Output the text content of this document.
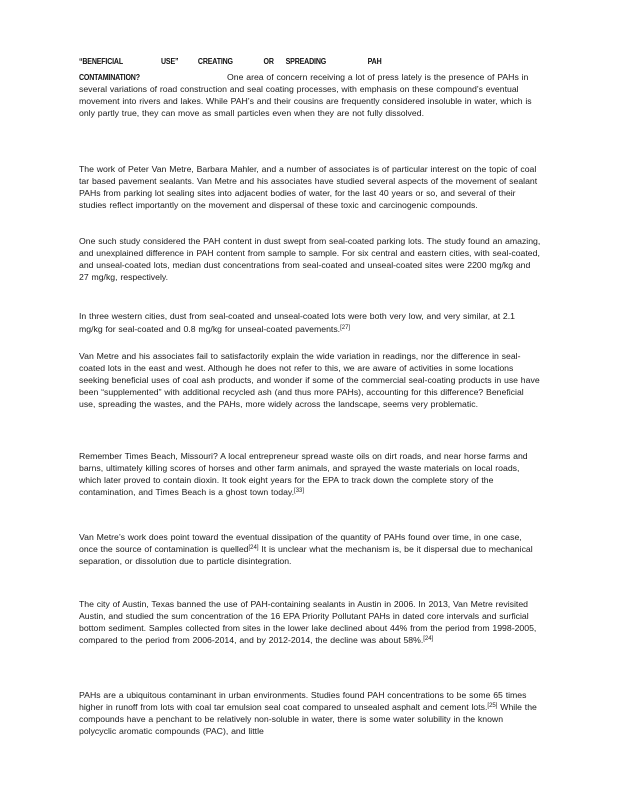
“BENEFICIAL	USE” CREATING	OR SPREADING	PAH
CONTAMINATION?	One area of concern receiving a lot of press lately is the presence of PAHs in several variations of road construction and seal coating processes, with emphasis on these compound’s eventual movement into rivers and lakes. While PAH’s and their cousins are frequently considered insoluble in water, which is only partly true, they can move as small particles even when they are not fully dissolved.

The work of Peter Van Metre, Barbara Mahler, and a number of associates is of particular interest on the topic of coal tar based pavement sealants. Van Metre and his associates have studied several aspects of the movement of sealant PAHs from parking lot sealing sites into adjacent bodies of water, for the last 40 years or so, and several of their studies reflect importantly on the movement and dispersal of these toxic and carcinogenic compounds.

One such study considered the PAH content in dust swept from seal-coated parking lots. The study found an amazing, and unexplained difference in PAH content from sample to sample. For six central and eastern cities, with seal-coated, and unseal-coated lots, median dust concentrations from seal-coated and unseal-coated sites were 2200 mg/kg and 27 mg/kg, respectively.

In three western cities, dust from seal-coated and unseal-coated lots were both very low, and very similar, at 2.1 mg/kg for seal-coated and 0.8 mg/kg for unseal-coated pavements.[27]

Van Metre and his associates fail to satisfactorily explain the wide variation in readings, nor the difference in seal-coated lots in the east and west. Although he does not refer to this, we are aware of activities in some locations seeking beneficial uses of coal ash products, and wonder if some of the commercial seal-coating products in use have been “supplemented” with additional recycled ash (and thus more PAHs), accounting for this difference? Beneficial use, spreading the wastes, and the PAHs, more widely across the landscape, seems very problematic.

Remember Times Beach, Missouri? A local entrepreneur spread waste oils on dirt roads, and near horse farms and barns, ultimately killing scores of horses and other farm animals, and sprayed the waste materials on local roads, which later proved to contain dioxin. It took eight years for the EPA to track down the complete story of the contamination, and Times Beach is a ghost town today.[33]

Van Metre’s work does point toward the eventual dissipation of the quantity of PAHs found over time, in one case, once the source of contamination is quelled[24] It is unclear what the mechanism is, be it dispersal due to mechanical separation, or dissolution due to particle disintegration.

The city of Austin, Texas banned the use of PAH-containing sealants in Austin in 2006. In 2013, Van Metre revisited Austin, and studied the sum concentration of the 16 EPA Priority Pollutant PAHs in dated core intervals and surficial bottom sediment. Samples collected from sites in the lower lake declined about 44% from the period from 1998-2005, compared to the period from 2006-2014, and by 2012-2014, the decline was about 58%.[24]

PAHs are a ubiquitous contaminant in urban environments. Studies found PAH concentrations to be some 65 times higher in runoff from lots with coal tar emulsion seal coat compared to unsealed asphalt and cement lots.[25] While the compounds have a penchant to be relatively non-soluble in water, there is some water solubility in the known polycyclic aromatic compounds (PAC), and little
